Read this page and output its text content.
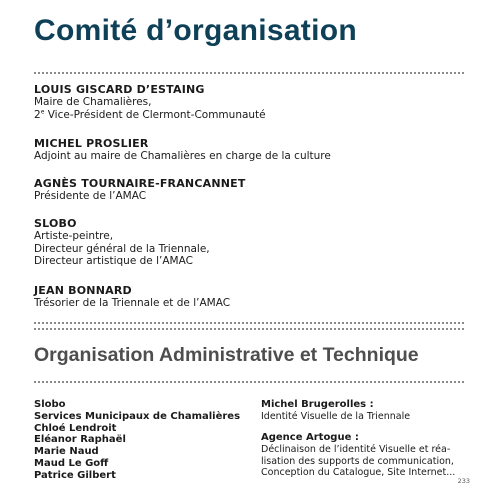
Comité d’organisation
LOUIS GISCARD D’ESTAING
Maire de Chamalières,
2e Vice-Président de Clermont-Communauté
MICHEL PROSLIER
Adjoint au maire de Chamalières en charge de la culture
AGNÈS TOURNAIRE-FRANCANNET
Présidente de l’AMAC
SLOBO
Artiste-peintre,
Directeur général de la Triennale,
Directeur artistique de l’AMAC
JEAN BONNARD
Trésorier de la Triennale et de l’AMAC
Organisation Administrative et Technique
Slobo
Services Municipaux de Chamalières
Chloé Lendroit
Eléanor Raphaël
Marie Naud
Maud Le Goff
Patrice Gilbert
Michel Brugerolles :
Identité Visuelle de la Triennale
Agence Artogue :
Déclinaison de l’identité Visuelle et réa-
lisation des supports de communication,
Conception du Catalogue, Site Internet...
233
